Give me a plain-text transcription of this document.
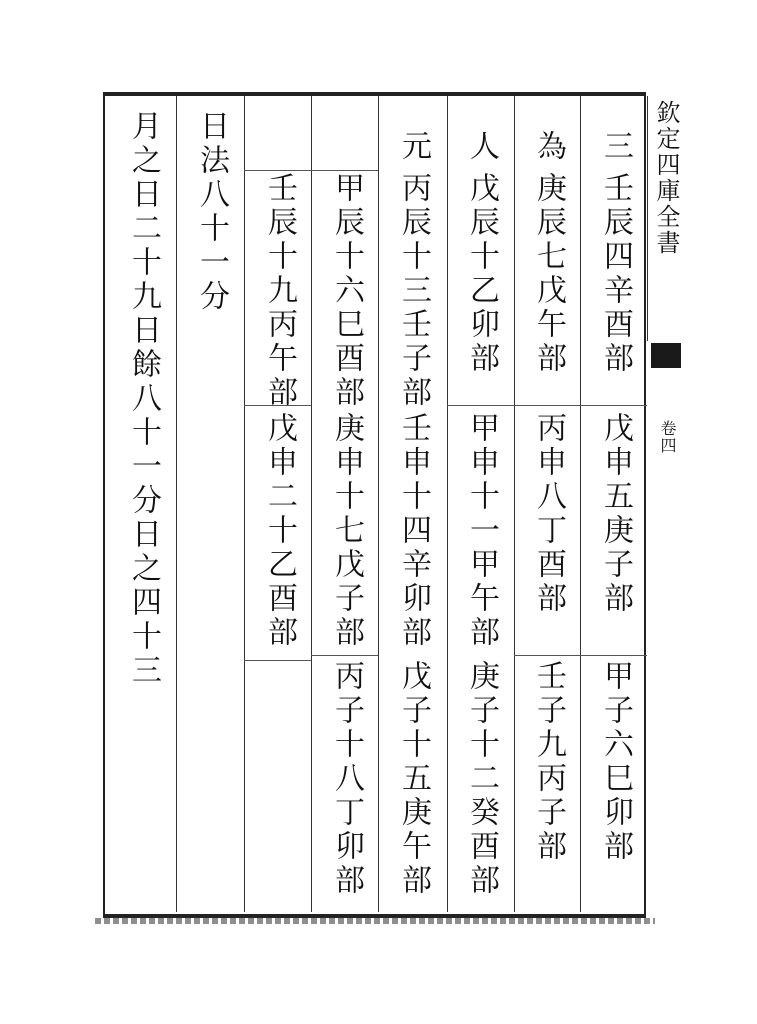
欽定四庫全書
卷四
三
壬辰四辛酉部
戊申五庚子部
甲子六巳卯部
為
庚辰七戊午部
丙申八丁酉部
壬子九丙子部
人
戊辰十乙卯部
甲申十一甲午部
庚子十二癸酉部
元
丙辰十三壬子部
壬申十四辛卯部
戊子十五庚午部
甲辰十六巳酉部
庚申十七戊子部
丙子十八丁卯部
壬辰十九丙午部
戊申二十乙酉部
日法八十一分
月之日二十九日餘八十一分日之四十三
